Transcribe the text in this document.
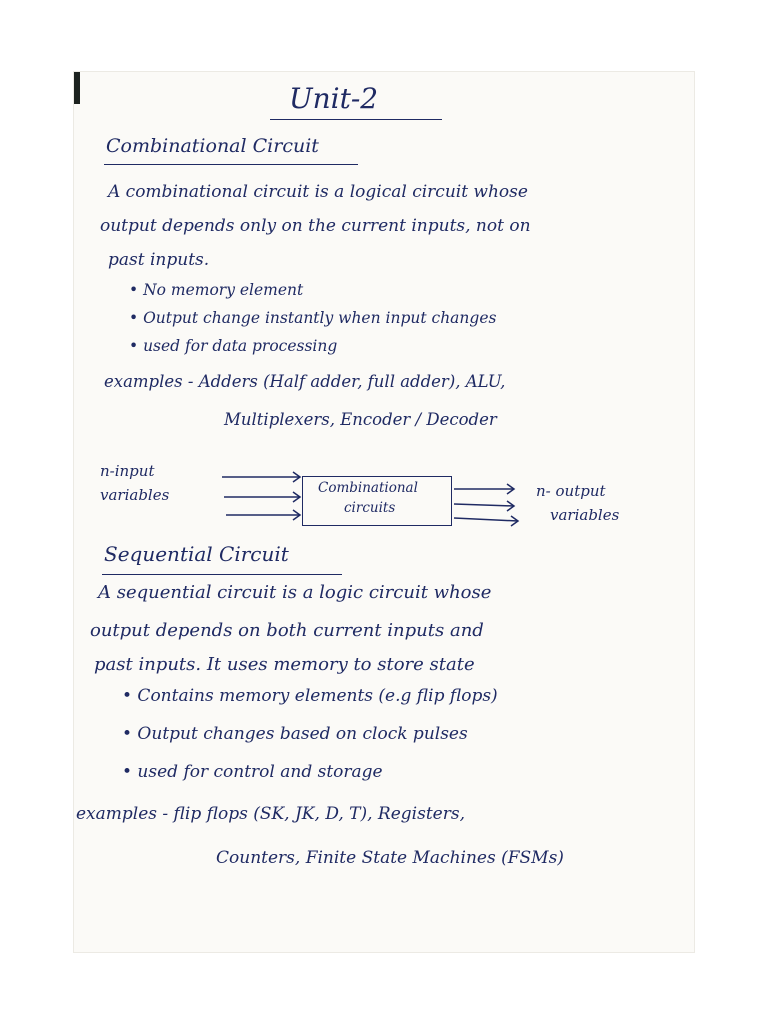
Unit-2
Combinational Circuit
A combinational circuit is a logical circuit whose
output depends only on the current inputs, not on
past inputs.
• No memory element
• Output change instantly when input changes
• used for data processing
examples - Adders (Half adder, full adder), ALU,
Multiplexers, Encoder / Decoder
n-input
variables	Combinational
circuits
n- output
variables
Sequential Circuit
A sequential circuit is a logic circuit whose
output depends on both current inputs and
past inputs. It uses memory to store state
• Contains memory elements (e.g flip flops)
• Output changes based on clock pulses
• used for control and storage
examples - flip flops (SK, JK, D, T), Registers,
Counters, Finite State Machines (FSMs)
